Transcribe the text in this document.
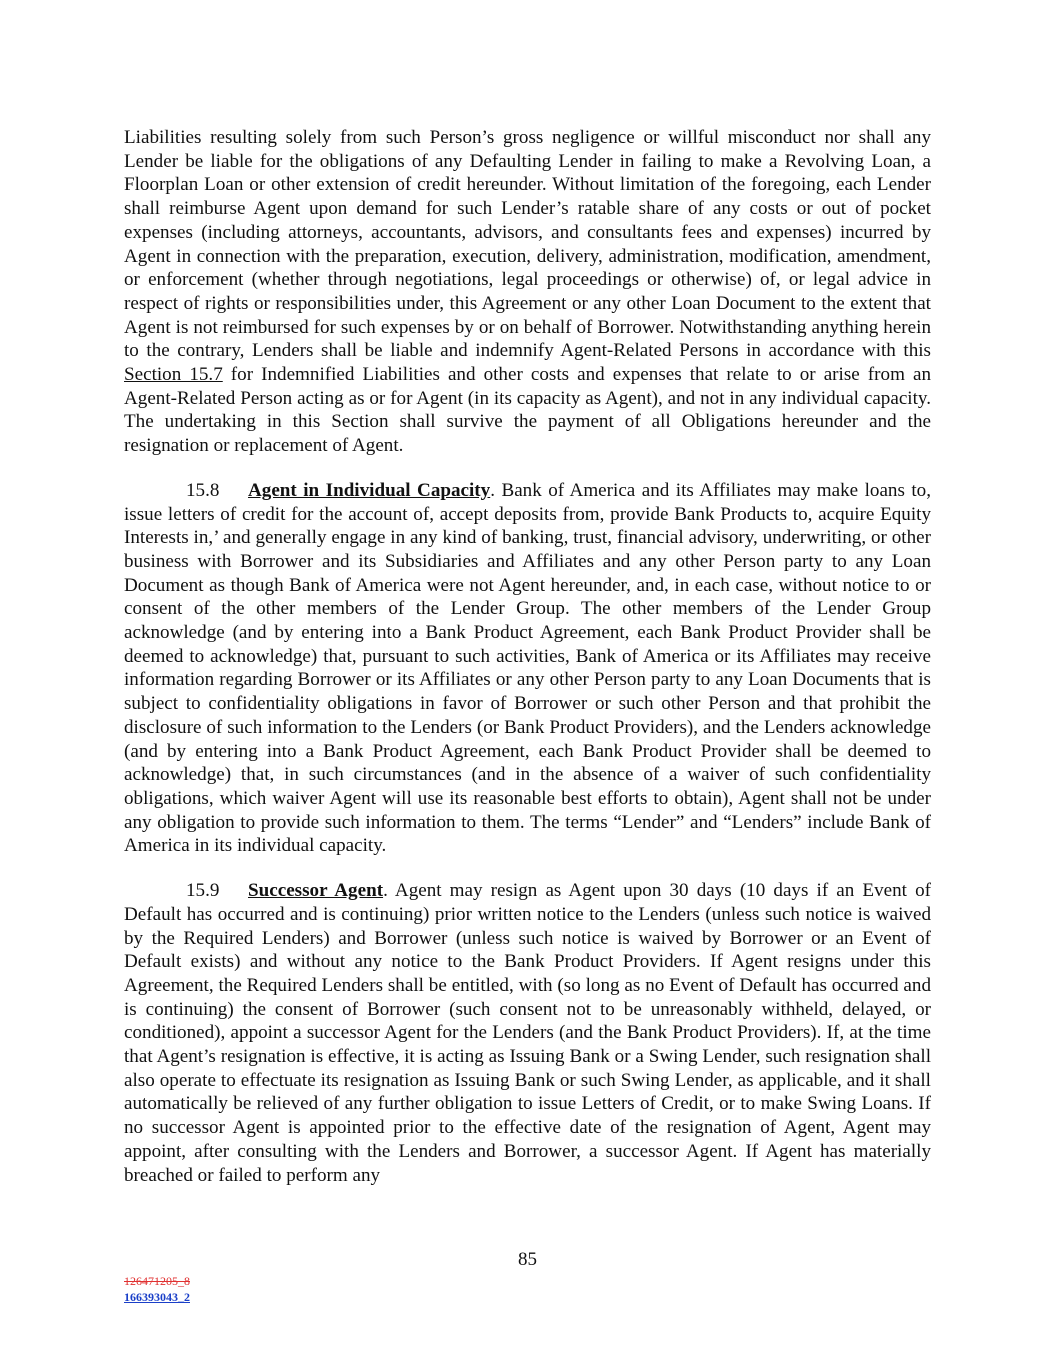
Liabilities resulting solely from such Person’s gross negligence or willful misconduct nor shall any Lender be liable for the obligations of any Defaulting Lender in failing to make a Revolving Loan, a Floorplan Loan or other extension of credit hereunder. Without limitation of the foregoing, each Lender shall reimburse Agent upon demand for such Lender’s ratable share of any costs or out of pocket expenses (including attorneys, accountants, advisors, and consultants fees and expenses) incurred by Agent in connection with the preparation, execution, delivery, administration, modification, amendment, or enforcement (whether through negotiations, legal proceedings or otherwise) of, or legal advice in respect of rights or responsibilities under, this Agreement or any other Loan Document to the extent that Agent is not reimbursed for such expenses by or on behalf of Borrower. Notwithstanding anything herein to the contrary, Lenders shall be liable and indemnify Agent-Related Persons in accordance with this Section 15.7 for Indemnified Liabilities and other costs and expenses that relate to or arise from an Agent-Related Person acting as or for Agent (in its capacity as Agent), and not in any individual capacity. The undertaking in this Section shall survive the payment of all Obligations hereunder and the resignation or replacement of Agent.

15.8 Agent in Individual Capacity. Bank of America and its Affiliates may make loans to, issue letters of credit for the account of, accept deposits from, provide Bank Products to, acquire Equity Interests in,’ and generally engage in any kind of banking, trust, financial advisory, underwriting, or other business with Borrower and its Subsidiaries and Affiliates and any other Person party to any Loan Document as though Bank of America were not Agent hereunder, and, in each case, without notice to or consent of the other members of the Lender Group. The other members of the Lender Group acknowledge (and by entering into a Bank Product Agreement, each Bank Product Provider shall be deemed to acknowledge) that, pursuant to such activities, Bank of America or its Affiliates may receive information regarding Borrower or its Affiliates or any other Person party to any Loan Documents that is subject to confidentiality obligations in favor of Borrower or such other Person and that prohibit the disclosure of such information to the Lenders (or Bank Product Providers), and the Lenders acknowledge (and by entering into a Bank Product Agreement, each Bank Product Provider shall be deemed to acknowledge) that, in such circumstances (and in the absence of a waiver of such confidentiality obligations, which waiver Agent will use its reasonable best efforts to obtain), Agent shall not be under any obligation to provide such information to them. The terms “Lender” and “Lenders” include Bank of America in its individual capacity.

15.9 Successor Agent. Agent may resign as Agent upon 30 days (10 days if an Event of Default has occurred and is continuing) prior written notice to the Lenders (unless such notice is waived by the Required Lenders) and Borrower (unless such notice is waived by Borrower or an Event of Default exists) and without any notice to the Bank Product Providers. If Agent resigns under this Agreement, the Required Lenders shall be entitled, with (so long as no Event of Default has occurred and is continuing) the consent of Borrower (such consent not to be unreasonably withheld, delayed, or conditioned), appoint a successor Agent for the Lenders (and the Bank Product Providers). If, at the time that Agent’s resignation is effective, it is acting as Issuing Bank or a Swing Lender, such resignation shall also operate to effectuate its resignation as Issuing Bank or such Swing Lender, as applicable, and it shall automatically be relieved of any further obligation to issue Letters of Credit, or to make Swing Loans. If no successor Agent is appointed prior to the effective date of the resignation of Agent, Agent may appoint, after consulting with the Lenders and Borrower, a successor Agent. If Agent has materially breached or failed to perform any

85
126471205_8
166393043_2
